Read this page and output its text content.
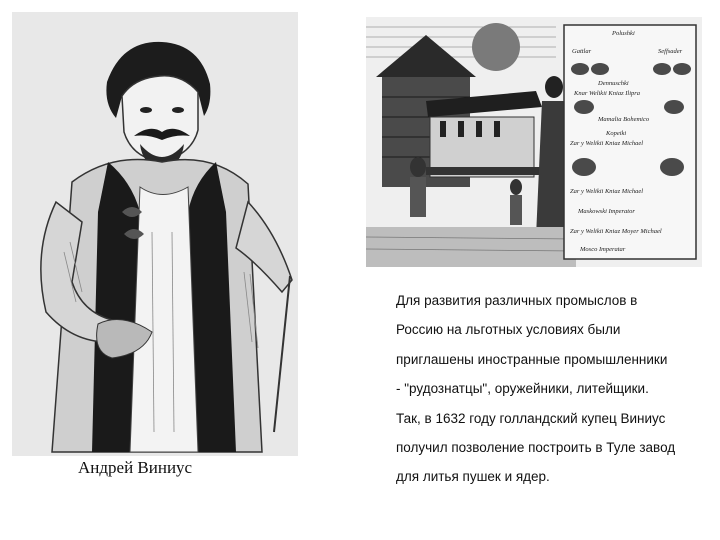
Андрей Виниус
Polushki
Gattlar	Seffsader
Dennuschki
Knar Welikii Kniaz Ilipra
Mamalia Bohemico
Kopeiki
Zar y Welikii Kniaz Michael
Zar y Welikii Kniaz Michael
Maskowski Imperator
Zar y Welikii Kniaz Moyer Michael
Mosco Imperatar
Для развития различных промыслов в
Россию на льготных условиях были
приглашены иностранные промышленники
- "рудознатцы", оружейники, литейщики.
Так, в 1632 году голландский купец Виниус
получил позволение построить в Туле завод
для литья пушек и ядер.
